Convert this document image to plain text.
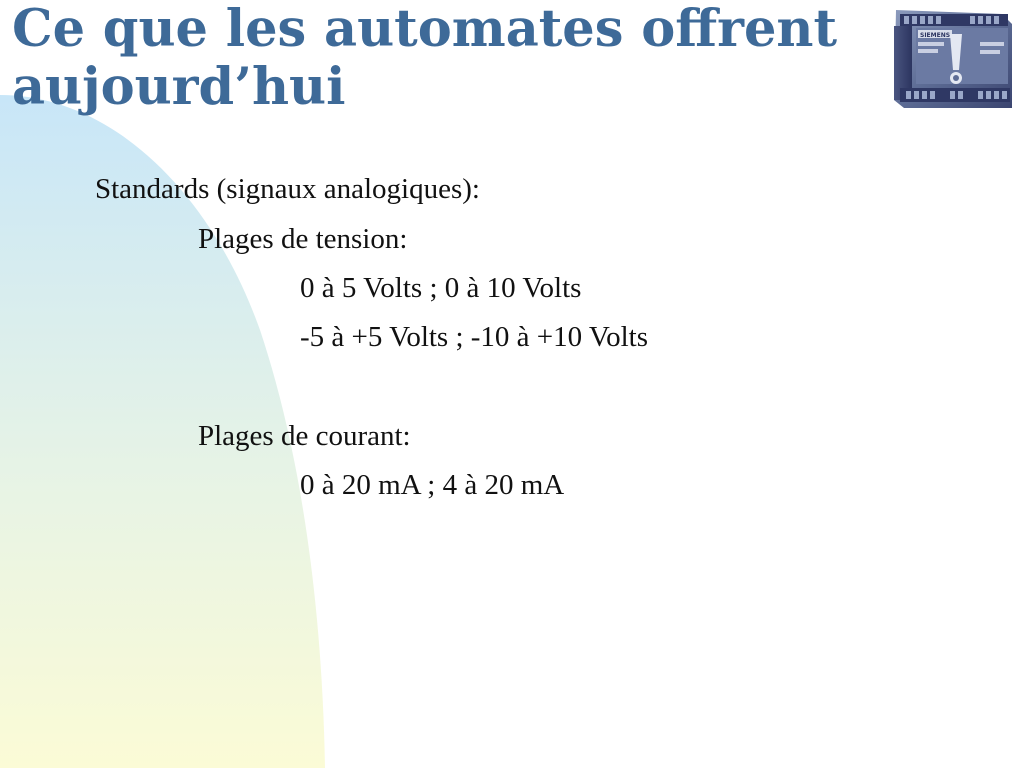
Ce que les automates offrent
aujourd’hui
SIEMENS
Standards (signaux analogiques):
Plages de tension:
0 à 5 Volts ; 0 à 10 Volts
-5 à +5 Volts ; -10 à +10 Volts
Plages de courant:
0 à 20 mA ; 4 à 20 mA
